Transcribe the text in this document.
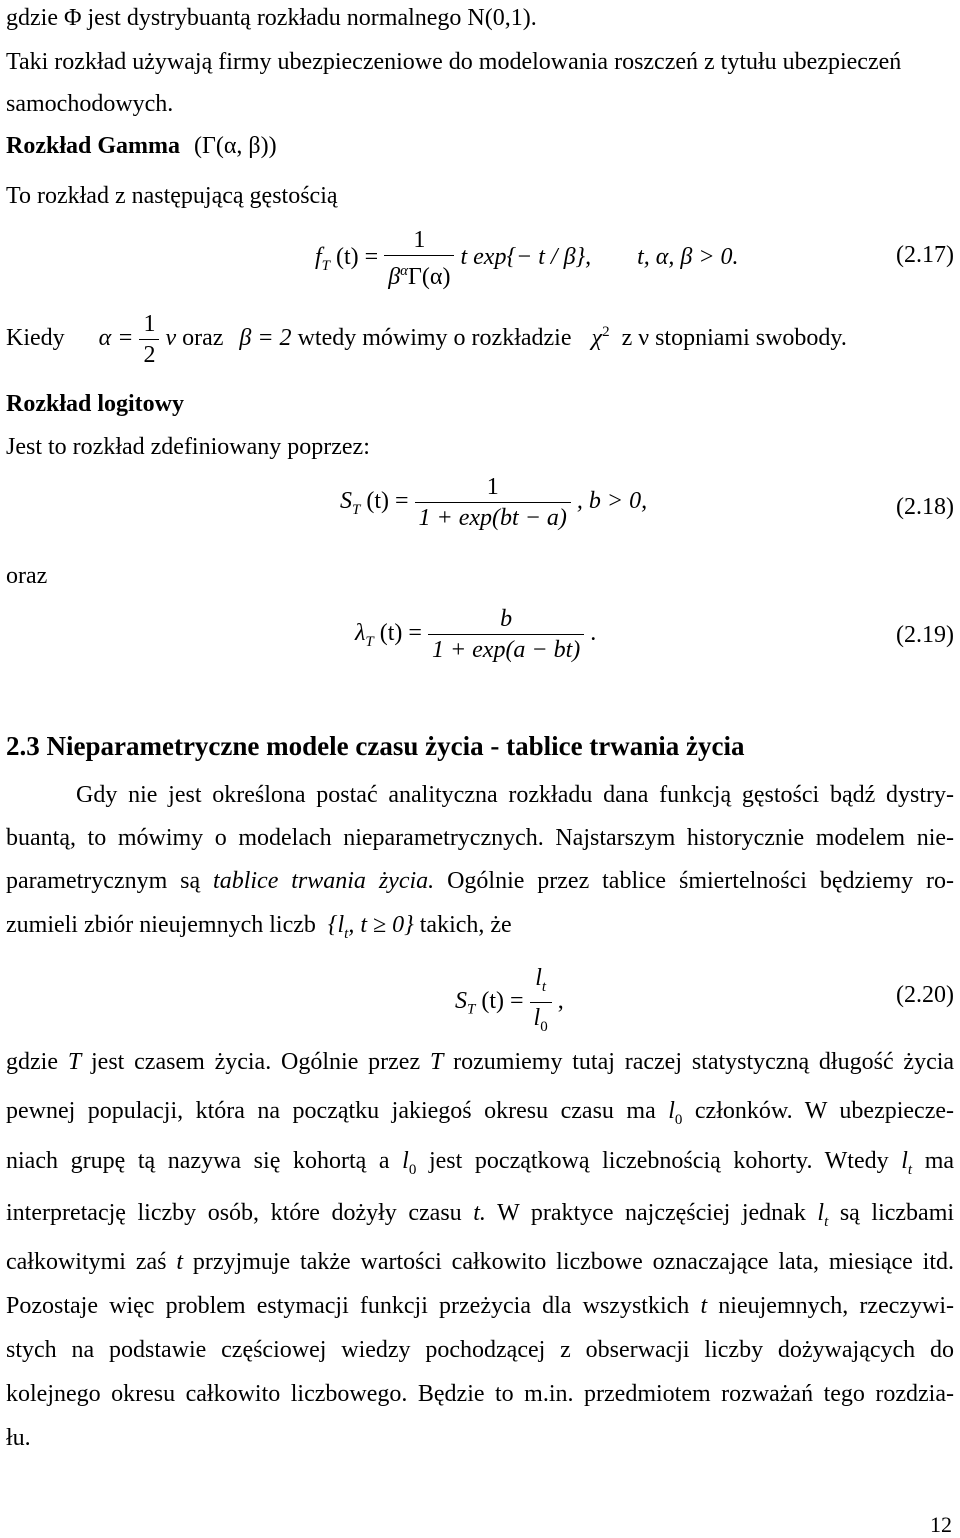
gdzie Φ jest dystrybuantą rozkładu normalnego N(0,1).
Taki rozkład używają firmy ubezpieczeniowe do modelowania roszczeń z tytułu ubezpieczeń
samochodowych.
Rozkład Gamma (Γ(α, β))
To rozkład z następującą gęstością
$f_T$ $(t) = \frac{1}{\beta^\alpha\Gamma(\alpha)}$ t exp{− t / β}, t, α, β > 0.	(2.17)
Kiedy $\alpha = \frac{1}{2}$ ν oraz β = 2 wtedy mówimy o rozkładzie $\chi^2$ z ν stopniami swobody.
Rozkład logitowy
Jest to rozkład zdefiniowany poprzez:
$S_T$ $(t) = \frac{1}{1 + \exp(bt - a)}$ , b > 0,	(2.18)
oraz
$\lambda_T$ $(t) = \frac{b}{1 + \exp(a - bt)}$ .	(2.19)
2.3 Nieparametryczne modele czasu życia - tablice trwania życia
Gdy nie jest określona postać analityczna rozkładu dana funkcją gęstości bądź dystry-
buantą, to mówimy o modelach nieparametrycznych. Najstarszym historycznie modelem nie-
parametrycznym są tablice trwania życia. Ogólnie przez tablice śmiertelności będziemy ro-
zumieli zbiór nieujemnych liczb {$l_t$, t ≥ 0} takich, że
$S_T$ $(t) = \frac{l_t}{l_0}$ ,	(2.20)
gdzie T jest czasem życia. Ogólnie przez T rozumiemy tutaj raczej statystyczną długość życia
pewnej populacji, która na początku jakiegoś okresu czasu ma $l_0$ członków. W ubezpiecze-
niach grupę tą nazywa się kohortą a $l_0$ jest początkową liczebnością kohorty. Wtedy $l_t$ ma
interpretację liczby osób, które dożyły czasu t. W praktyce najczęściej jednak $l_t$ są liczbami
całkowitymi zaś t przyjmuje także wartości całkowito liczbowe oznaczające lata, miesiące itd.
Pozostaje więc problem estymacji funkcji przeżycia dla wszystkich t nieujemnych, rzeczywi-
stych na podstawie częściowej wiedzy pochodzącej z obserwacji liczby dożywających do
kolejnego okresu całkowito liczbowego. Będzie to m.in. przedmiotem rozważań tego rozdzia-
łu.
12
